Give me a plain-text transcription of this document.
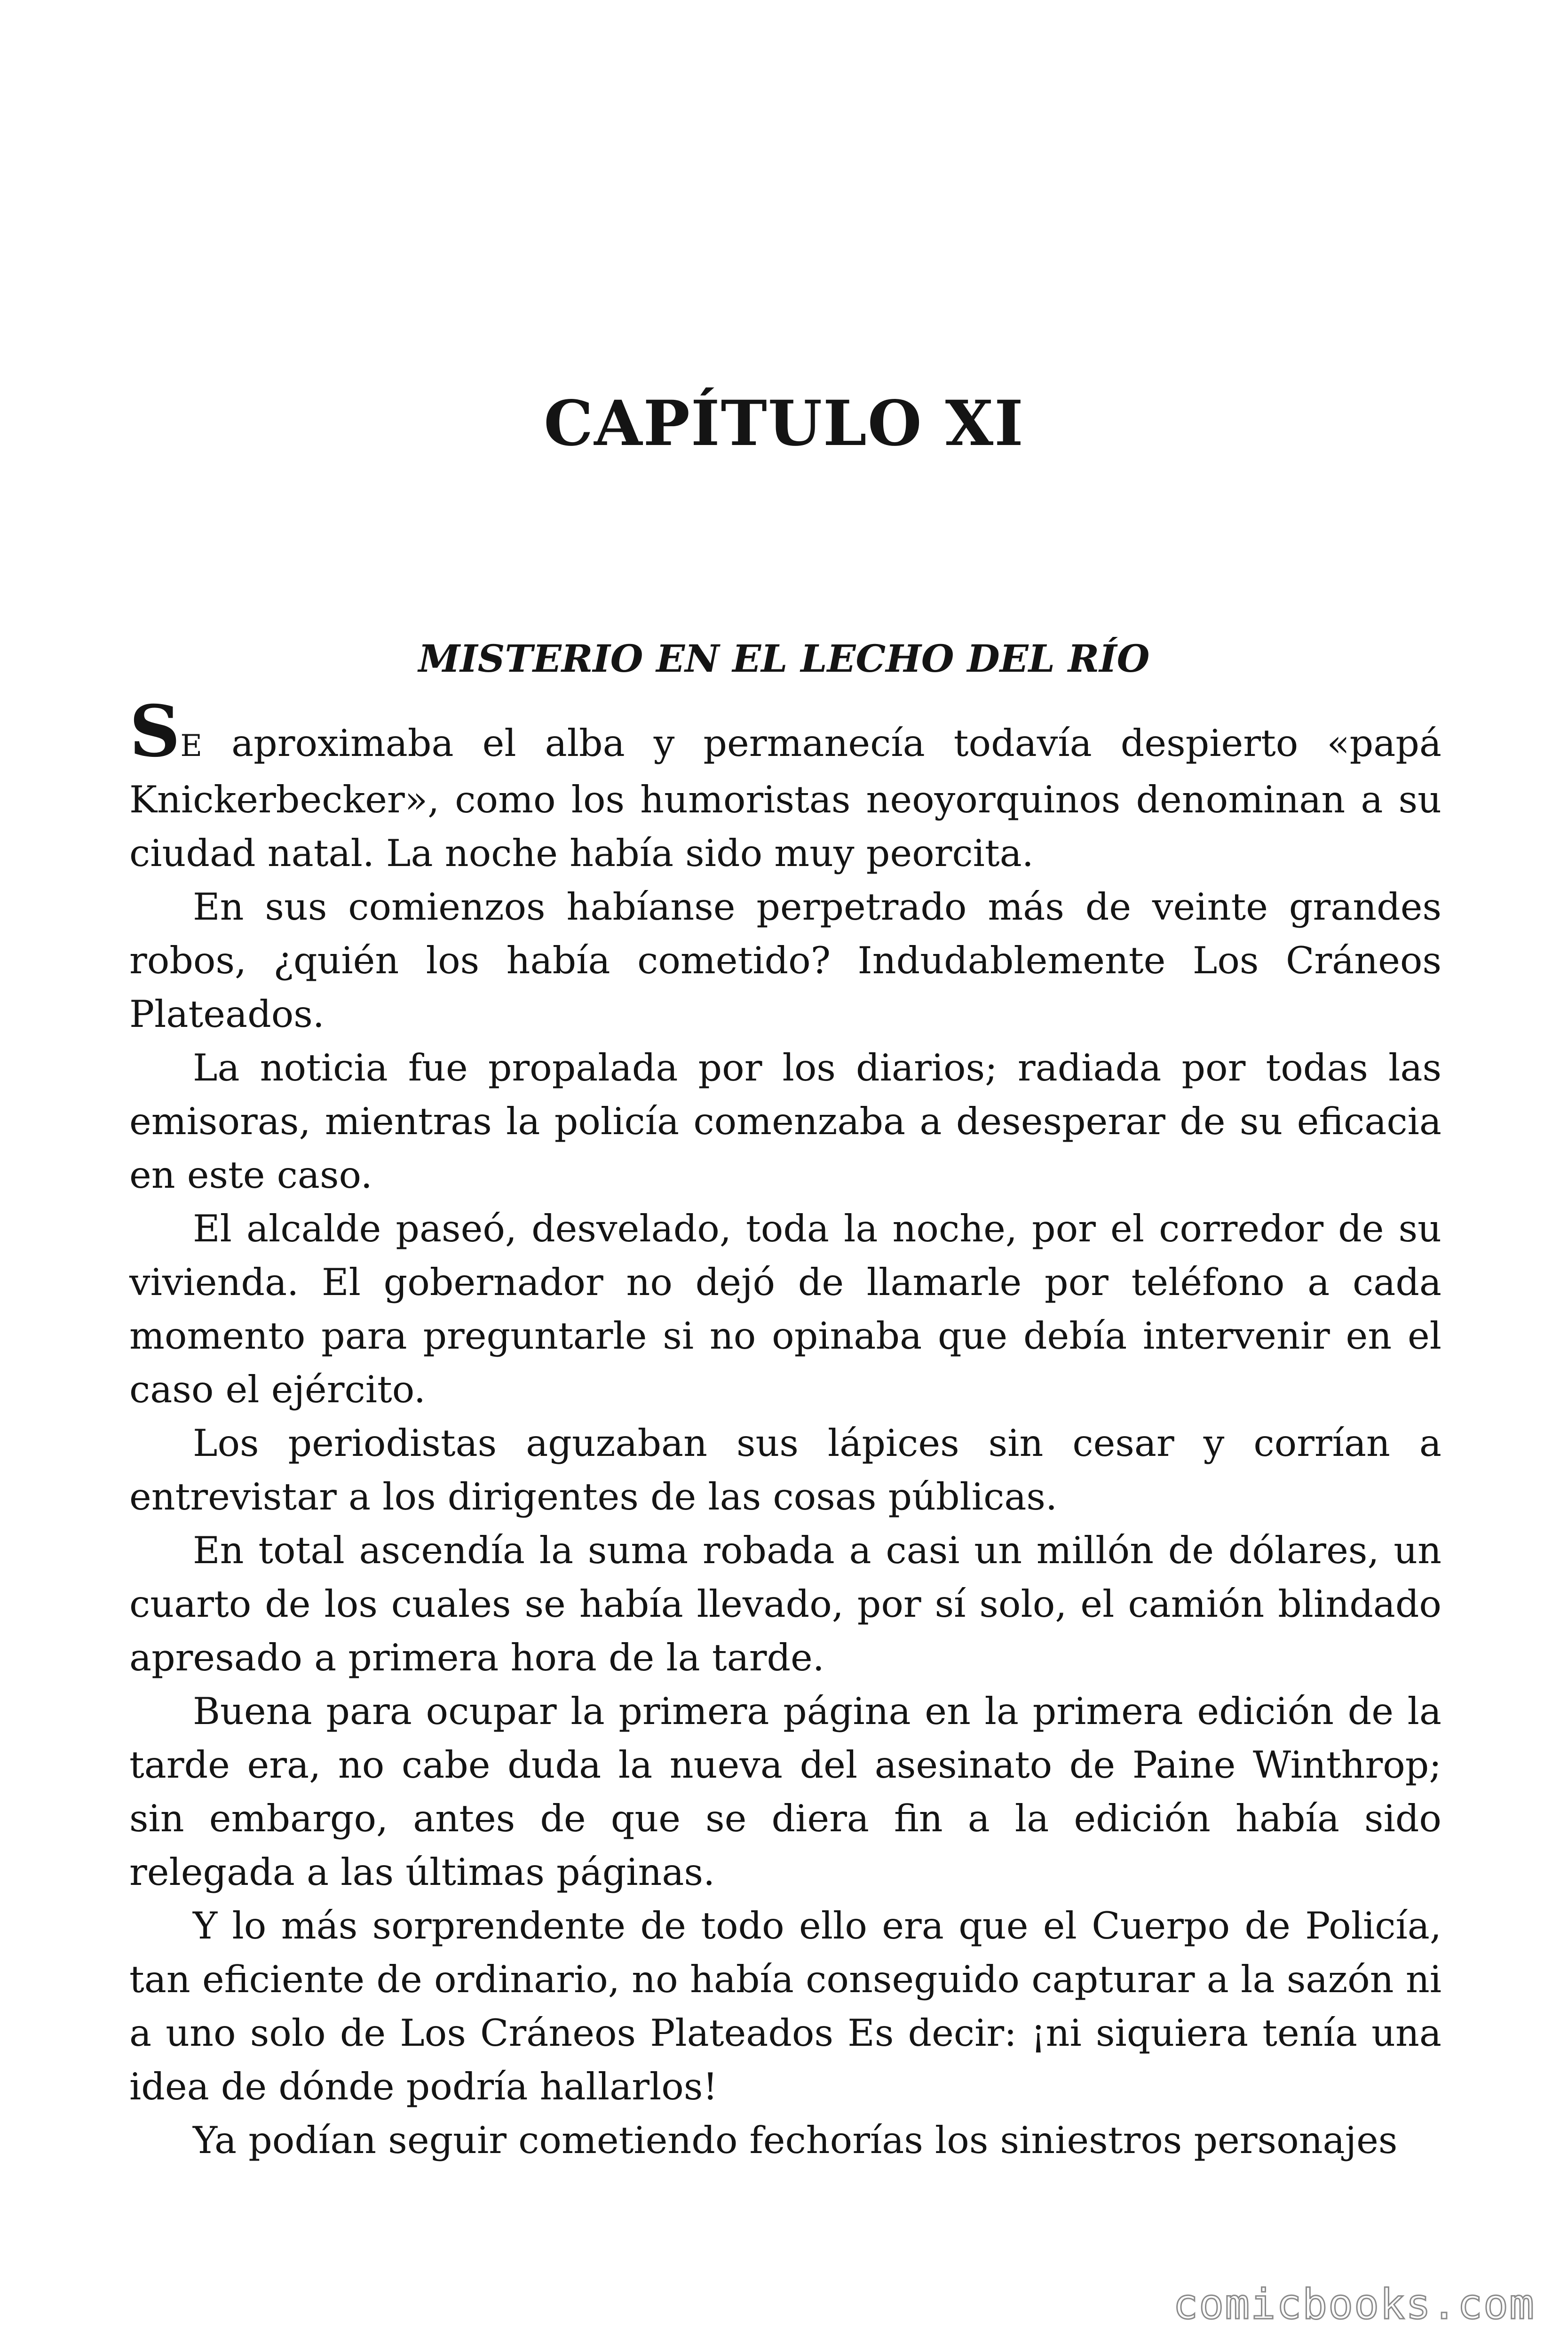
CAPÍTULO XI
MISTERIO EN EL LECHO DEL RÍO

SE aproximaba el alba y permanecía todavía despierto «papá Knickerbecker», como los humoristas neoyorquinos denominan a su ciudad natal. La noche había sido muy peorcita.

En sus comienzos habíanse perpetrado más de veinte grandes robos, ¿quién los había cometido? Indudablemente Los Cráneos Plateados.

La noticia fue propalada por los diarios; radiada por todas las emisoras, mientras la policía comenzaba a desesperar de su eficacia en este caso.

El alcalde paseó, desvelado, toda la noche, por el corredor de su vivienda. El gobernador no dejó de llamarle por teléfono a cada momento para preguntarle si no opinaba que debía intervenir en el caso el ejército.

Los periodistas aguzaban sus lápices sin cesar y corrían a entrevistar a los dirigentes de las cosas públicas.

En total ascendía la suma robada a casi un millón de dólares, un cuarto de los cuales se había llevado, por sí solo, el camión blindado apresado a primera hora de la tarde.

Buena para ocupar la primera página en la primera edición de la tarde era, no cabe duda la nueva del asesinato de Paine Winthrop; sin embargo, antes de que se diera fin a la edición había sido relegada a las últimas páginas.

Y lo más sorprendente de todo ello era que el Cuerpo de Policía, tan eficiente de ordinario, no había conseguido capturar a la sazón ni a uno solo de Los Cráneos Plateados Es decir: ¡ni siquiera tenía una idea de dónde podría hallarlos!

Ya podían seguir cometiendo fechorías los siniestros personajes

comicbooks.com
